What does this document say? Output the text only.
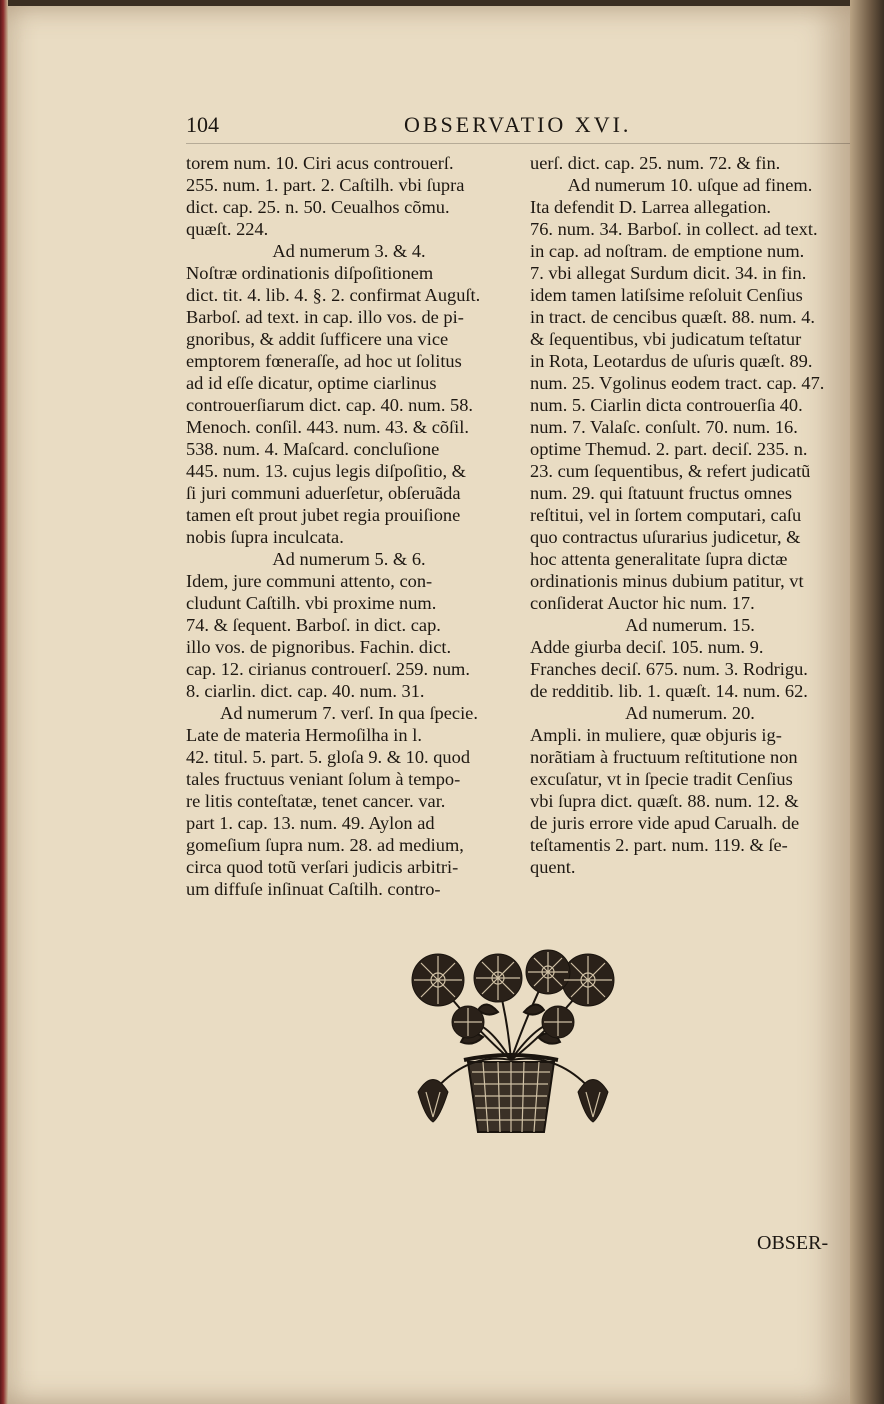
104	OBSERVATIO XVI.
torem num. 10. Ciri acus controuerſ.
255. num. 1. part. 2. Caſtilh. vbi ſupra
dict. cap. 25. n. 50. Ceualhos cõmu.
quæſt. 224.
Ad numerum 3. & 4.
Noſtræ ordinationis diſpoſitionem
dict. tit. 4. lib. 4. §. 2. confirmat Auguſt.
Barboſ. ad text. in cap. illo vos. de pi-
gnoribus, & addit ſufficere una vice
emptorem fœneraſſe, ad hoc ut ſolitus
ad id eſſe dicatur, optime ciarlinus
controuerſiarum dict. cap. 40. num. 58.
Menoch. conſil. 443. num. 43. & cõſil.
538. num. 4. Maſcard. concluſione
445. num. 13. cujus legis diſpoſitio, &
ſi juri communi aduerſetur, obſeruãda
tamen eſt prout jubet regia prouiſione
nobis ſupra inculcata.
Ad numerum 5. & 6.
Idem, jure communi attento, con-
cludunt Caſtilh. vbi proxime num.
74. & ſequent. Barboſ. in dict. cap.
illo vos. de pignoribus. Fachin. dict.
cap. 12. cirianus controuerſ. 259. num.
8. ciarlin. dict. cap. 40. num. 31.
Ad numerum 7. verſ. In qua ſpecie.
Late de materia Hermoſilha in l.
42. titul. 5. part. 5. gloſa 9. & 10. quod
tales fructuus veniant ſolum à tempo-
re litis conteſtatæ, tenet cancer. var.
part 1. cap. 13. num. 49. Aylon ad
gomeſium ſupra num. 28. ad medium,
circa quod totũ verſari judicis arbitri-
um diffuſe inſinuat Caſtilh. contro-
uerſ. dict. cap. 25. num. 72. & fin.
Ad numerum 10. uſque ad finem.
Ita defendit D. Larrea allegation.
76. num. 34. Barboſ. in collect. ad text.
in cap. ad noſtram. de emptione num.
7. vbi allegat Surdum dicit. 34. in fin.
idem tamen latiſsime reſoluit Cenſius
in tract. de cencibus quæſt. 88. num. 4.
& ſequentibus, vbi judicatum teſtatur
in Rota, Leotardus de uſuris quæſt. 89.
num. 25. Vgolinus eodem tract. cap. 47.
num. 5. Ciarlin dicta controuerſia 40.
num. 7. Valaſc. conſult. 70. num. 16.
optime Themud. 2. part. deciſ. 235. n.
23. cum ſequentibus, & refert judicatũ
num. 29. qui ſtatuunt fructus omnes
reſtitui, vel in ſortem computari, caſu
quo contractus uſurarius judicetur, &
hoc attenta generalitate ſupra dictæ
ordinationis minus dubium patitur, vt
conſiderat Auctor hic num. 17.
Ad numerum. 15.
Adde giurba deciſ. 105. num. 9.
Franches deciſ. 675. num. 3. Rodrigu.
de redditib. lib. 1. quæſt. 14. num. 62.
Ad numerum. 20.
Ampli. in muliere, quæ objuris ig-
norãtiam à fructuum reſtitutione non
excuſatur, vt in ſpecie tradit Cenſius
vbi ſupra dict. quæſt. 88. num. 12. &
de juris errore vide apud Carualh. de
teſtamentis 2. part. num. 119. & ſe-
quent.
OBSER-
